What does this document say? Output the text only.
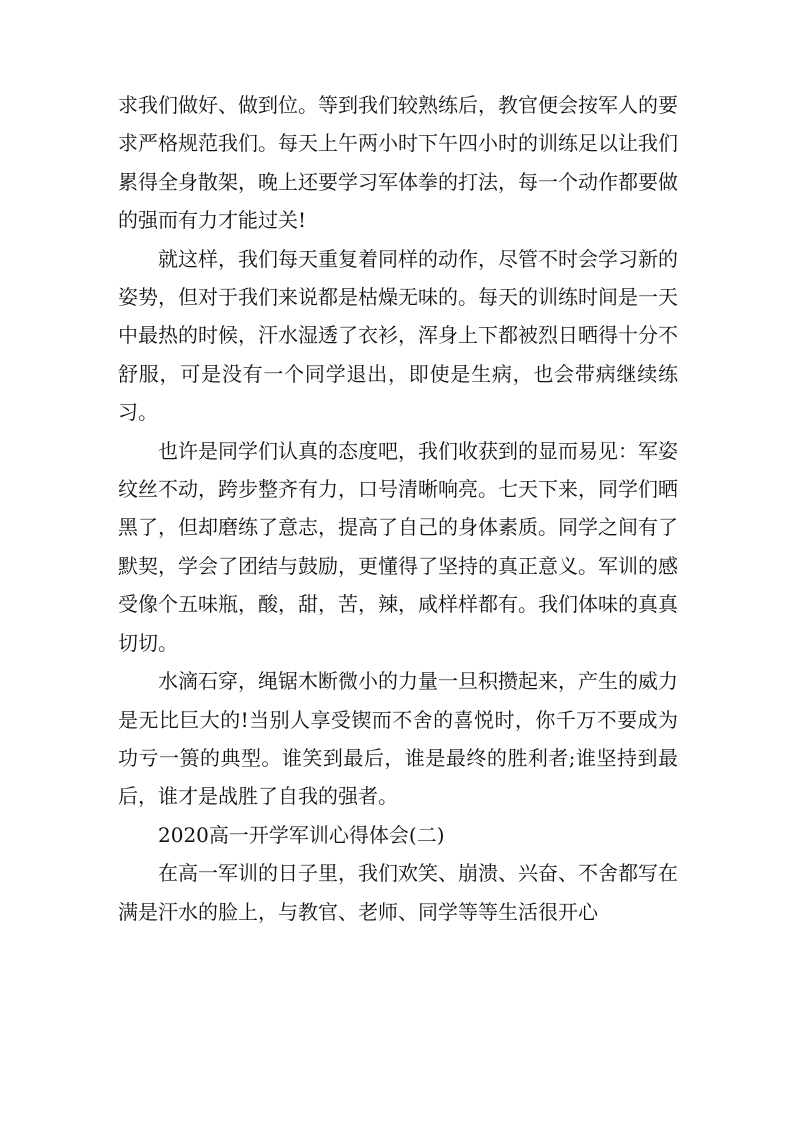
求我们做好、做到位。等到我们较熟练后，教官便会按军人的要求严格规范我们。每天上午两小时下午四小时的训练足以让我们累得全身散架，晚上还要学习军体拳的打法，每一个动作都要做的强而有力才能过关!

就这样，我们每天重复着同样的动作，尽管不时会学习新的姿势，但对于我们来说都是枯燥无味的。每天的训练时间是一天中最热的时候，汗水湿透了衣衫，浑身上下都被烈日晒得十分不舒服，可是没有一个同学退出，即使是生病，也会带病继续练习。

也许是同学们认真的态度吧，我们收获到的显而易见：军姿纹丝不动，跨步整齐有力，口号清晰响亮。七天下来，同学们晒黑了，但却磨练了意志，提高了自己的身体素质。同学之间有了默契，学会了团结与鼓励，更懂得了坚持的真正意义。军训的感受像个五味瓶，酸，甜，苦，辣，咸样样都有。我们体味的真真切切。

水滴石穿，绳锯木断微小的力量一旦积攒起来，产生的威力是无比巨大的!当别人享受锲而不舍的喜悦时，你千万不要成为功亏一篑的典型。谁笑到最后，谁是最终的胜利者;谁坚持到最后，谁才是战胜了自我的强者。

2020高一开学军训心得体会(二)

在高一军训的日子里，我们欢笑、崩溃、兴奋、不舍都写在满是汗水的脸上，与教官、老师、同学等等生活很开心
